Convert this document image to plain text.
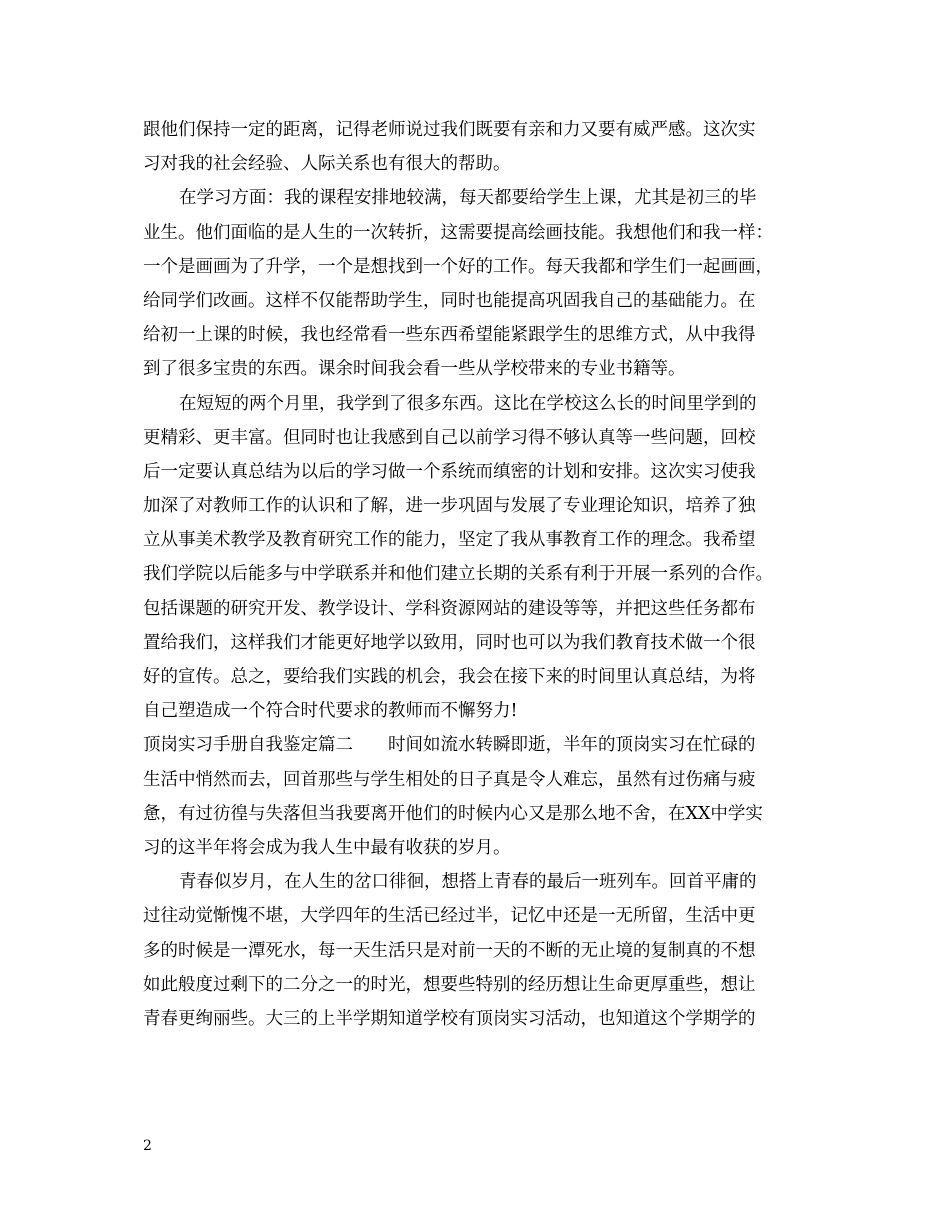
跟他们保持一定的距离，记得老师说过我们既要有亲和力又要有威严感。这次实
习对我的社会经验、人际关系也有很大的帮助。
在学习方面：我的课程安排地较满，每天都要给学生上课，尤其是初三的毕
业生。他们面临的是人生的一次转折，这需要提高绘画技能。我想他们和我一样：
一个是画画为了升学，一个是想找到一个好的工作。每天我都和学生们一起画画，
给同学们改画。这样不仅能帮助学生，同时也能提高巩固我自己的基础能力。在
给初一上课的时候，我也经常看一些东西希望能紧跟学生的思维方式，从中我得
到了很多宝贵的东西。课余时间我会看一些从学校带来的专业书籍等。
在短短的两个月里，我学到了很多东西。这比在学校这么长的时间里学到的
更精彩、更丰富。但同时也让我感到自己以前学习得不够认真等一些问题，回校
后一定要认真总结为以后的学习做一个系统而缜密的计划和安排。这次实习使我
加深了对教师工作的认识和了解，进一步巩固与发展了专业理论知识，培养了独
立从事美术教学及教育研究工作的能力，坚定了我从事教育工作的理念。我希望
我们学院以后能多与中学联系并和他们建立长期的关系有利于开展一系列的合作。
包括课题的研究开发、教学设计、学科资源网站的建设等等，并把这些任务都布
置给我们，这样我们才能更好地学以致用，同时也可以为我们教育技术做一个很
好的宣传。总之，要给我们实践的机会，我会在接下来的时间里认真总结，为将
自己塑造成一个符合时代要求的教师而不懈努力!
顶岗实习手册自我鉴定篇二　　时间如流水转瞬即逝，半年的顶岗实习在忙碌的
生活中悄然而去，回首那些与学生相处的日子真是令人难忘，虽然有过伤痛与疲
惫，有过彷徨与失落但当我要离开他们的时候内心又是那么地不舍，在XX中学实
习的这半年将会成为我人生中最有收获的岁月。
青春似岁月，在人生的岔口徘徊，想搭上青春的最后一班列车。回首平庸的
过往动觉惭愧不堪，大学四年的生活已经过半，记忆中还是一无所留，生活中更
多的时候是一潭死水，每一天生活只是对前一天的不断的无止境的复制真的不想
如此般度过剩下的二分之一的时光，想要些特别的经历想让生命更厚重些，想让
青春更绚丽些。大三的上半学期知道学校有顶岗实习活动，也知道这个学期学的
2
